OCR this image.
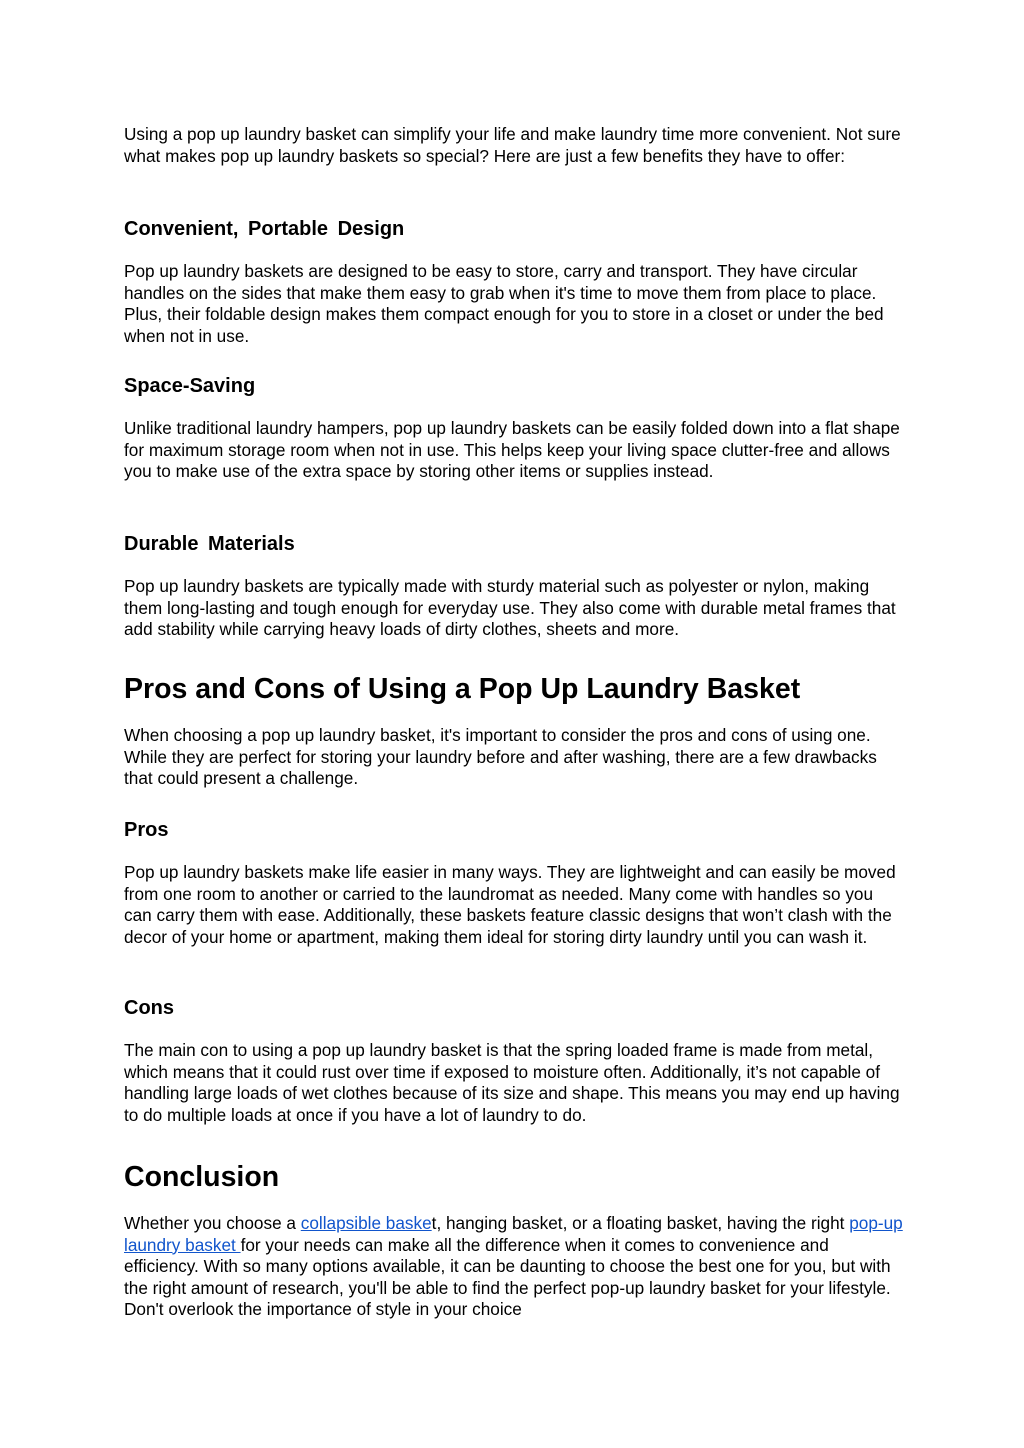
Using a pop up laundry basket can simplify your life and make laundry time more convenient. Not sure what makes pop up laundry baskets so special? Here are just a few benefits they have to offer:

Convenient, Portable Design

Pop up laundry baskets are designed to be easy to store, carry and transport. They have circular handles on the sides that make them easy to grab when it's time to move them from place to place. Plus, their foldable design makes them compact enough for you to store in a closet or under the bed when not in use.

Space-Saving

Unlike traditional laundry hampers, pop up laundry baskets can be easily folded down into a flat shape for maximum storage room when not in use. This helps keep your living space clutter-free and allows you to make use of the extra space by storing other items or supplies instead.

Durable Materials

Pop up laundry baskets are typically made with sturdy material such as polyester or nylon, making them long-lasting and tough enough for everyday use. They also come with durable metal frames that add stability while carrying heavy loads of dirty clothes, sheets and more.

Pros and Cons of Using a Pop Up Laundry Basket

When choosing a pop up laundry basket, it's important to consider the pros and cons of using one. While they are perfect for storing your laundry before and after washing, there are a few drawbacks that could present a challenge.

Pros

Pop up laundry baskets make life easier in many ways. They are lightweight and can easily be moved from one room to another or carried to the laundromat as needed. Many come with handles so you can carry them with ease. Additionally, these baskets feature classic designs that won’t clash with the decor of your home or apartment, making them ideal for storing dirty laundry until you can wash it.

Cons

The main con to using a pop up laundry basket is that the spring loaded frame is made from metal, which means that it could rust over time if exposed to moisture often. Additionally, it’s not capable of handling large loads of wet clothes because of its size and shape. This means you may end up having to do multiple loads at once if you have a lot of laundry to do.

Conclusion

Whether you choose a collapsible basket, hanging basket, or a floating basket, having the right pop-up laundry basket for your needs can make all the difference when it comes to convenience and efficiency. With so many options available, it can be daunting to choose the best one for you, but with the right amount of research, you'll be able to find the perfect pop-up laundry basket for your lifestyle. Don't overlook the importance of style in your choice
